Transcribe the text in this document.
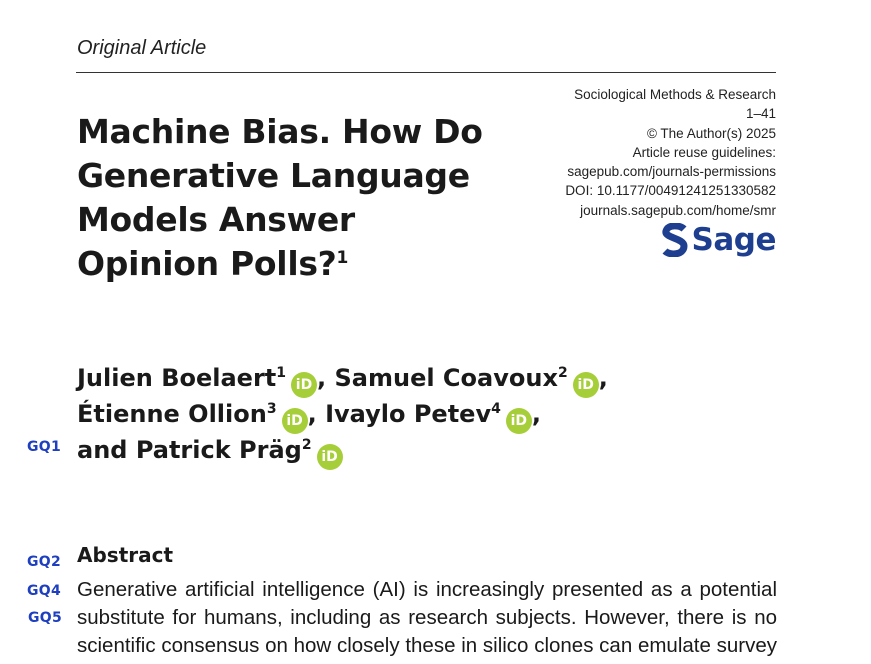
Original Article
Sociological Methods & Research
1–41
© The Author(s) 2025
Article reuse guidelines:
sagepub.com/journals-permissions
DOI: 10.1177/00491241251330582
journals.sagepub.com/home/smr
Sage
Machine Bias. How Do
Generative Language
Models Answer
Opinion Polls?$^1$
Julien Boelaert$^1$iD , Samuel Coavoux$^2$iD ,
Étienne Ollion$^3$iD , Ivaylo Petev$^4$iD ,
and Patrick Präg$^2$iD
GQ1
GQ2
GQ4
GQ5
Abstract
Generative artificial intelligence (AI) is increasingly presented as a potential
substitute for humans, including as research subjects. However, there is no
scientific consensus on how closely these in silico clones can emulate survey
